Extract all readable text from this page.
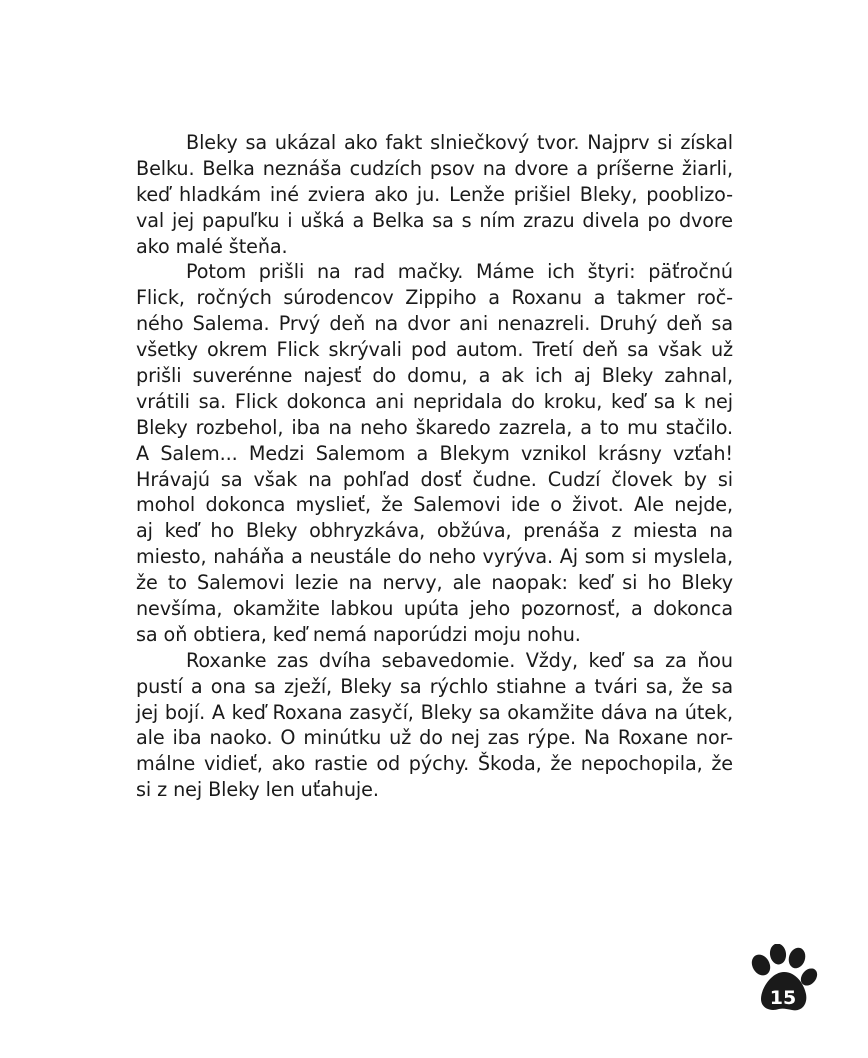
Bleky sa ukázal ako fakt slniečkový tvor. Najprv si získal
Belku. Belka neznáša cudzích psov na dvore a príšerne žiarli,
keď hladkám iné zviera ako ju. Lenže prišiel Bleky, pooblizo-
val jej papuľku i ušká a Belka sa s ním zrazu divela po dvore
ako malé šteňa.
Potom prišli na rad mačky. Máme ich štyri: päťročnú
Flick, ročných súrodencov Zippiho a Roxanu a takmer roč-
ného Salema. Prvý deň na dvor ani nenazreli. Druhý deň sa
všetky okrem Flick skrývali pod autom. Tretí deň sa však už
prišli suverénne najesť do domu, a ak ich aj Bleky zahnal,
vrátili sa. Flick dokonca ani nepridala do kroku, keď sa k nej
Bleky rozbehol, iba na neho škaredo zazrela, a to mu stačilo.
A Salem... Medzi Salemom a Blekym vznikol krásny vzťah!
Hrávajú sa však na pohľad dosť čudne. Cudzí človek by si
mohol dokonca myslieť, že Salemovi ide o život. Ale nejde,
aj keď ho Bleky obhryzkáva, obžúva, prenáša z miesta na
miesto, naháňa a neustále do neho vyrýva. Aj som si myslela,
že to Salemovi lezie na nervy, ale naopak: keď si ho Bleky
nevšíma, okamžite labkou upúta jeho pozornosť, a dokonca
sa oň obtiera, keď nemá naporúdzi moju nohu.
Roxanke zas dvíha sebavedomie. Vždy, keď sa za ňou
pustí a ona sa zježí, Bleky sa rýchlo stiahne a tvári sa, že sa
jej bojí. A keď Roxana zasyčí, Bleky sa okamžite dáva na útek,
ale iba naoko. O minútku už do nej zas rýpe. Na Roxane nor-
málne vidieť, ako rastie od pýchy. Škoda, že nepochopila, že
si z nej Bleky len uťahuje.
15
